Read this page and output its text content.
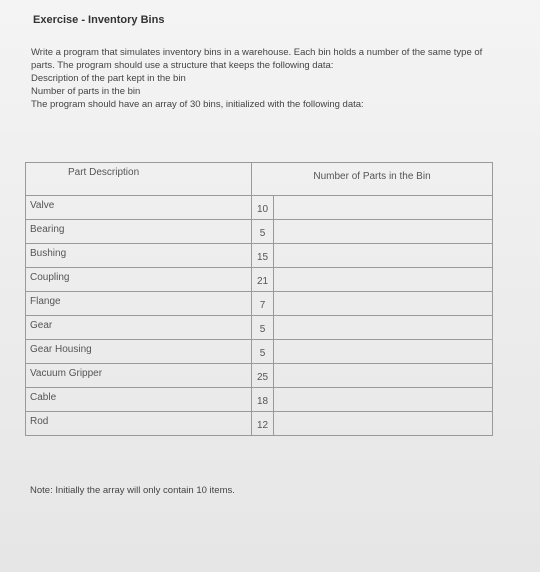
Exercise - Inventory Bins

Write a program that simulates inventory bins in a warehouse. Each bin holds a number of the same type of parts. The program should use a structure that keeps the following data:

Description of the part kept in the bin

Number of parts in the bin

The program should have an array of 30 bins, initialized with the following data:

Part Description	Number of Parts in the Bin	
Valve	10	
Bearing	5	
Bushing	15	
Coupling	21	
Flange	7	
Gear	5	
Gear Housing	5	
Vacuum Gripper	25	
Cable	18	
Rod	12	
Note: Initially the array will only contain 10 items.
